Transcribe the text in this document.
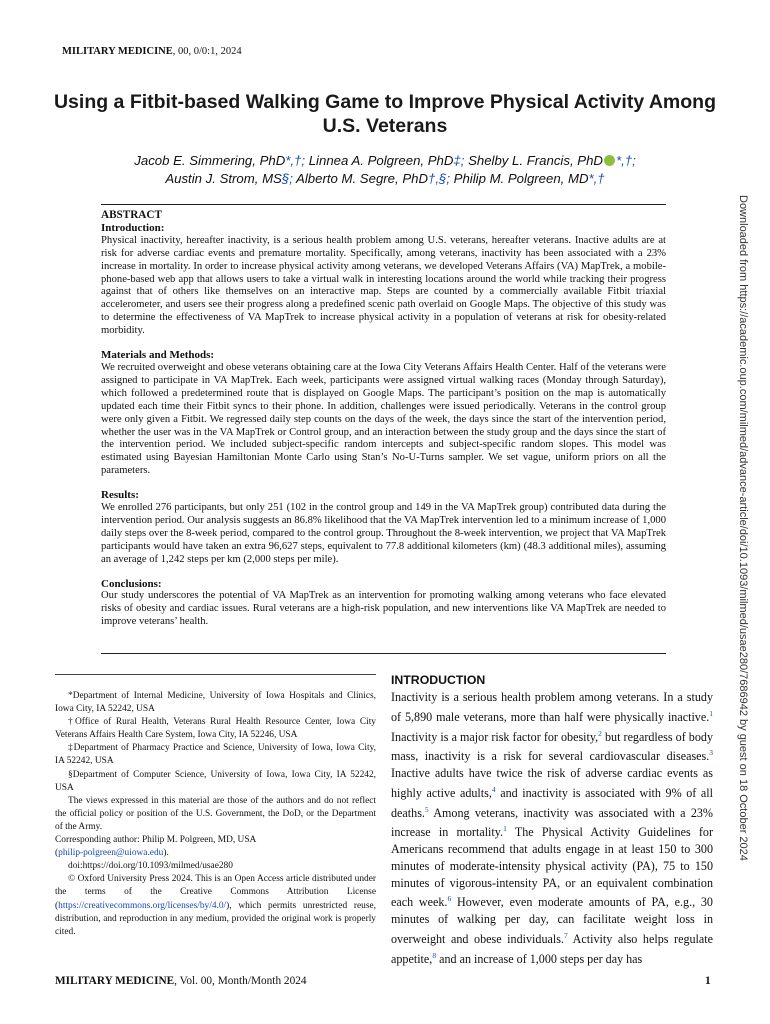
MILITARY MEDICINE, 00, 0/0:1, 2024
Using a Fitbit-based Walking Game to Improve Physical Activity Among U.S. Veterans
Jacob E. Simmering, PhD*,†; Linnea A. Polgreen, PhD‡; Shelby L. Francis, PhD *,†;
Austin J. Strom, MS§; Alberto M. Segre, PhD†,§; Philip M. Polgreen, MD*,†
ABSTRACT
Introduction:

Physical inactivity, hereafter inactivity, is a serious health problem among U.S. veterans, hereafter veterans. Inactive adults are at risk for adverse cardiac events and premature mortality. Specifically, among veterans, inactivity has been associated with a 23% increase in mortality. In order to increase physical activity among veterans, we developed Veterans Affairs (VA) MapTrek, a mobile-phone-based web app that allows users to take a virtual walk in interesting locations around the world while tracking their progress against that of others like themselves on an interactive map. Steps are counted by a commercially available Fitbit triaxial accelerometer, and users see their progress along a predefined scenic path overlaid on Google Maps. The objective of this study was to determine the effectiveness of VA MapTrek to increase physical activity in a population of veterans at risk for obesity-related morbidity.

Materials and Methods:

We recruited overweight and obese veterans obtaining care at the Iowa City Veterans Affairs Health Center. Half of the veterans were assigned to participate in VA MapTrek. Each week, participants were assigned virtual walking races (Monday through Saturday), which followed a predetermined route that is displayed on Google Maps. The participant’s position on the map is automatically updated each time their Fitbit syncs to their phone. In addition, challenges were issued periodically. Veterans in the control group were only given a Fitbit. We regressed daily step counts on the days of the week, the days since the start of the intervention period, whether the user was in the VA MapTrek or Control group, and an interaction between the study group and the days since the start of the intervention period. We included subject-specific random intercepts and subject-specific random slopes. This model was estimated using Bayesian Hamiltonian Monte Carlo using Stan’s No-U-Turns sampler. We set vague, uniform priors on all the parameters.

Results:

We enrolled 276 participants, but only 251 (102 in the control group and 149 in the VA MapTrek group) contributed data during the intervention period. Our analysis suggests an 86.8% likelihood that the VA MapTrek intervention led to a minimum increase of 1,000 daily steps over the 8-week period, compared to the control group. Throughout the 8-week intervention, we project that VA MapTrek participants would have taken an extra 96,627 steps, equivalent to 77.8 additional kilometers (km) (48.3 additional miles), assuming an average of 1,242 steps per km (2,000 steps per mile).

Conclusions:

Our study underscores the potential of VA MapTrek as an intervention for promoting walking among veterans who face elevated risks of obesity and cardiac issues. Rural veterans are a high-risk population, and new interventions like VA MapTrek are needed to improve veterans’ health.

*Department of Internal Medicine, University of Iowa Hospitals and Clinics, Iowa City, IA 52242, USA

†Office of Rural Health, Veterans Rural Health Resource Center, Iowa City Veterans Affairs Health Care System, Iowa City, IA 52246, USA

‡Department of Pharmacy Practice and Science, University of Iowa, Iowa City, IA 52242, USA

§Department of Computer Science, University of Iowa, Iowa City, IA 52242, USA

The views expressed in this material are those of the authors and do not reflect the official policy or position of the U.S. Government, the DoD, or the Department of the Army.

Corresponding author: Philip M. Polgreen, MD, USA
(philip-polgreen@uiowa.edu).

doi:https://doi.org/10.1093/milmed/usae280

© Oxford University Press 2024. This is an Open Access article distributed under the terms of the Creative Commons Attribution License (https://creativecommons.org/licenses/by/4.0/), which permits unrestricted reuse, distribution, and reproduction in any medium, provided the original work is properly cited.

INTRODUCTION

Inactivity is a serious health problem among veterans. In a study of 5,890 male veterans, more than half were physically inactive.$^1$ Inactivity is a major risk factor for obesity,$^2$ but regardless of body mass, inactivity is a risk for several cardiovascular diseases.$^3$ Inactive adults have twice the risk of adverse cardiac events as highly active adults,$^4$ and inactivity is associated with 9% of all deaths.$^5$ Among veterans, inactivity was associated with a 23% increase in mortality.$^1$ The Physical Activity Guidelines for Americans recommend that adults engage in at least 150 to 300 minutes of moderate-intensity physical activity (PA), 75 to 150 minutes of vigorous-intensity PA, or an equivalent combination each week.$^6$ However, even moderate amounts of PA, e.g., 30 minutes of walking per day, can facilitate weight loss in overweight and obese individuals.$^7$ Activity also helps regulate appetite,$^8$ and an increase of 1,000 steps per day has

MILITARY MEDICINE, Vol. 00, Month/Month 2024	1
Downloaded from https://academic.oup.com/milmed/advance-article/doi/10.1093/milmed/usae280/7686942 by guest on 18 October 2024
